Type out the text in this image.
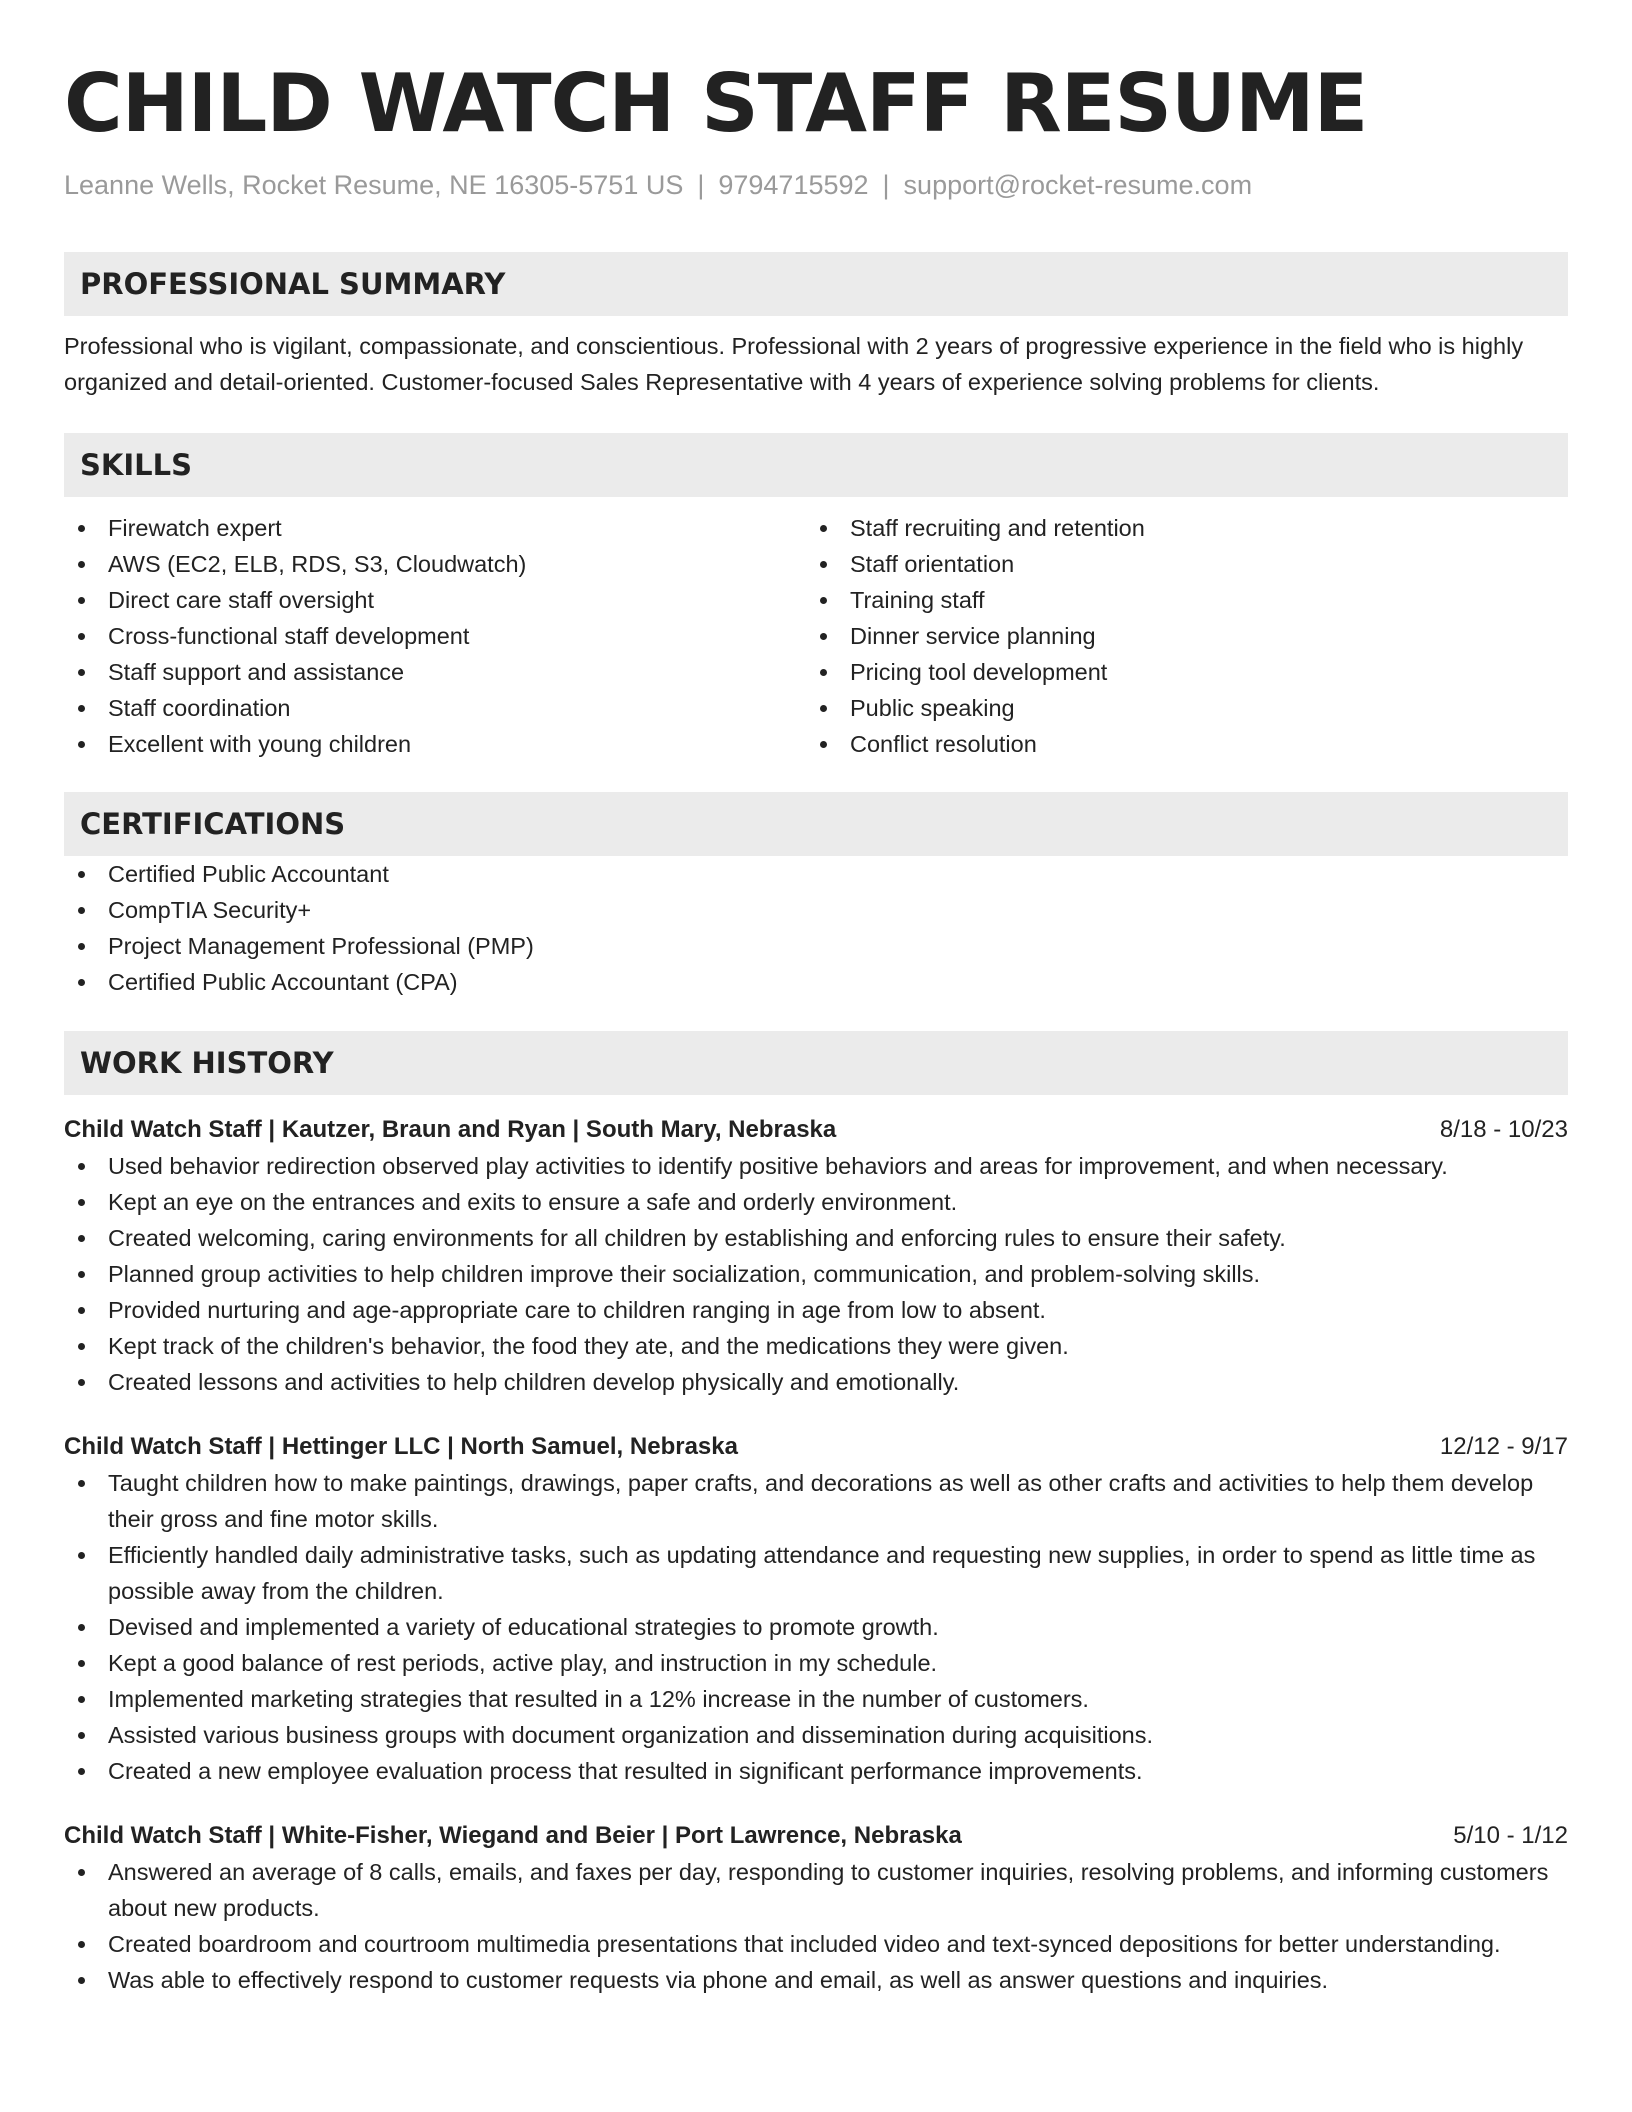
CHILD WATCH STAFF RESUME
Leanne Wells, Rocket Resume, NE 16305-5751 US | 9794715592 | support@rocket-resume.com
PROFESSIONAL SUMMARY
Professional who is vigilant, compassionate, and conscientious. Professional with 2 years of progressive experience in the field who is highly organized and detail-oriented. Customer-focused Sales Representative with 4 years of experience solving problems for clients.
SKILLS
Firewatch expert
AWS (EC2, ELB, RDS, S3, Cloudwatch)
Direct care staff oversight
Cross-functional staff development
Staff support and assistance
Staff coordination
Excellent with young children
Staff recruiting and retention
Staff orientation
Training staff
Dinner service planning
Pricing tool development
Public speaking
Conflict resolution
CERTIFICATIONS
Certified Public Accountant
CompTIA Security+
Project Management Professional (PMP)
Certified Public Accountant (CPA)
WORK HISTORY
Child Watch Staff | Kautzer, Braun and Ryan | South Mary, Nebraska	8/18 - 10/23
Used behavior redirection observed play activities to identify positive behaviors and areas for improvement, and when necessary.
Kept an eye on the entrances and exits to ensure a safe and orderly environment.
Created welcoming, caring environments for all children by establishing and enforcing rules to ensure their safety.
Planned group activities to help children improve their socialization, communication, and problem-solving skills.
Provided nurturing and age-appropriate care to children ranging in age from low to absent.
Kept track of the children's behavior, the food they ate, and the medications they were given.
Created lessons and activities to help children develop physically and emotionally.
Child Watch Staff | Hettinger LLC | North Samuel, Nebraska	12/12 - 9/17
Taught children how to make paintings, drawings, paper crafts, and decorations as well as other crafts and activities to help them develop their gross and fine motor skills.
Efficiently handled daily administrative tasks, such as updating attendance and requesting new supplies, in order to spend as little time as possible away from the children.
Devised and implemented a variety of educational strategies to promote growth.
Kept a good balance of rest periods, active play, and instruction in my schedule.
Implemented marketing strategies that resulted in a 12% increase in the number of customers.
Assisted various business groups with document organization and dissemination during acquisitions.
Created a new employee evaluation process that resulted in significant performance improvements.
Child Watch Staff | White-Fisher, Wiegand and Beier | Port Lawrence, Nebraska	5/10 - 1/12
Answered an average of 8 calls, emails, and faxes per day, responding to customer inquiries, resolving problems, and informing customers about new products.
Created boardroom and courtroom multimedia presentations that included video and text-synced depositions for better understanding.
Was able to effectively respond to customer requests via phone and email, as well as answer questions and inquiries.
